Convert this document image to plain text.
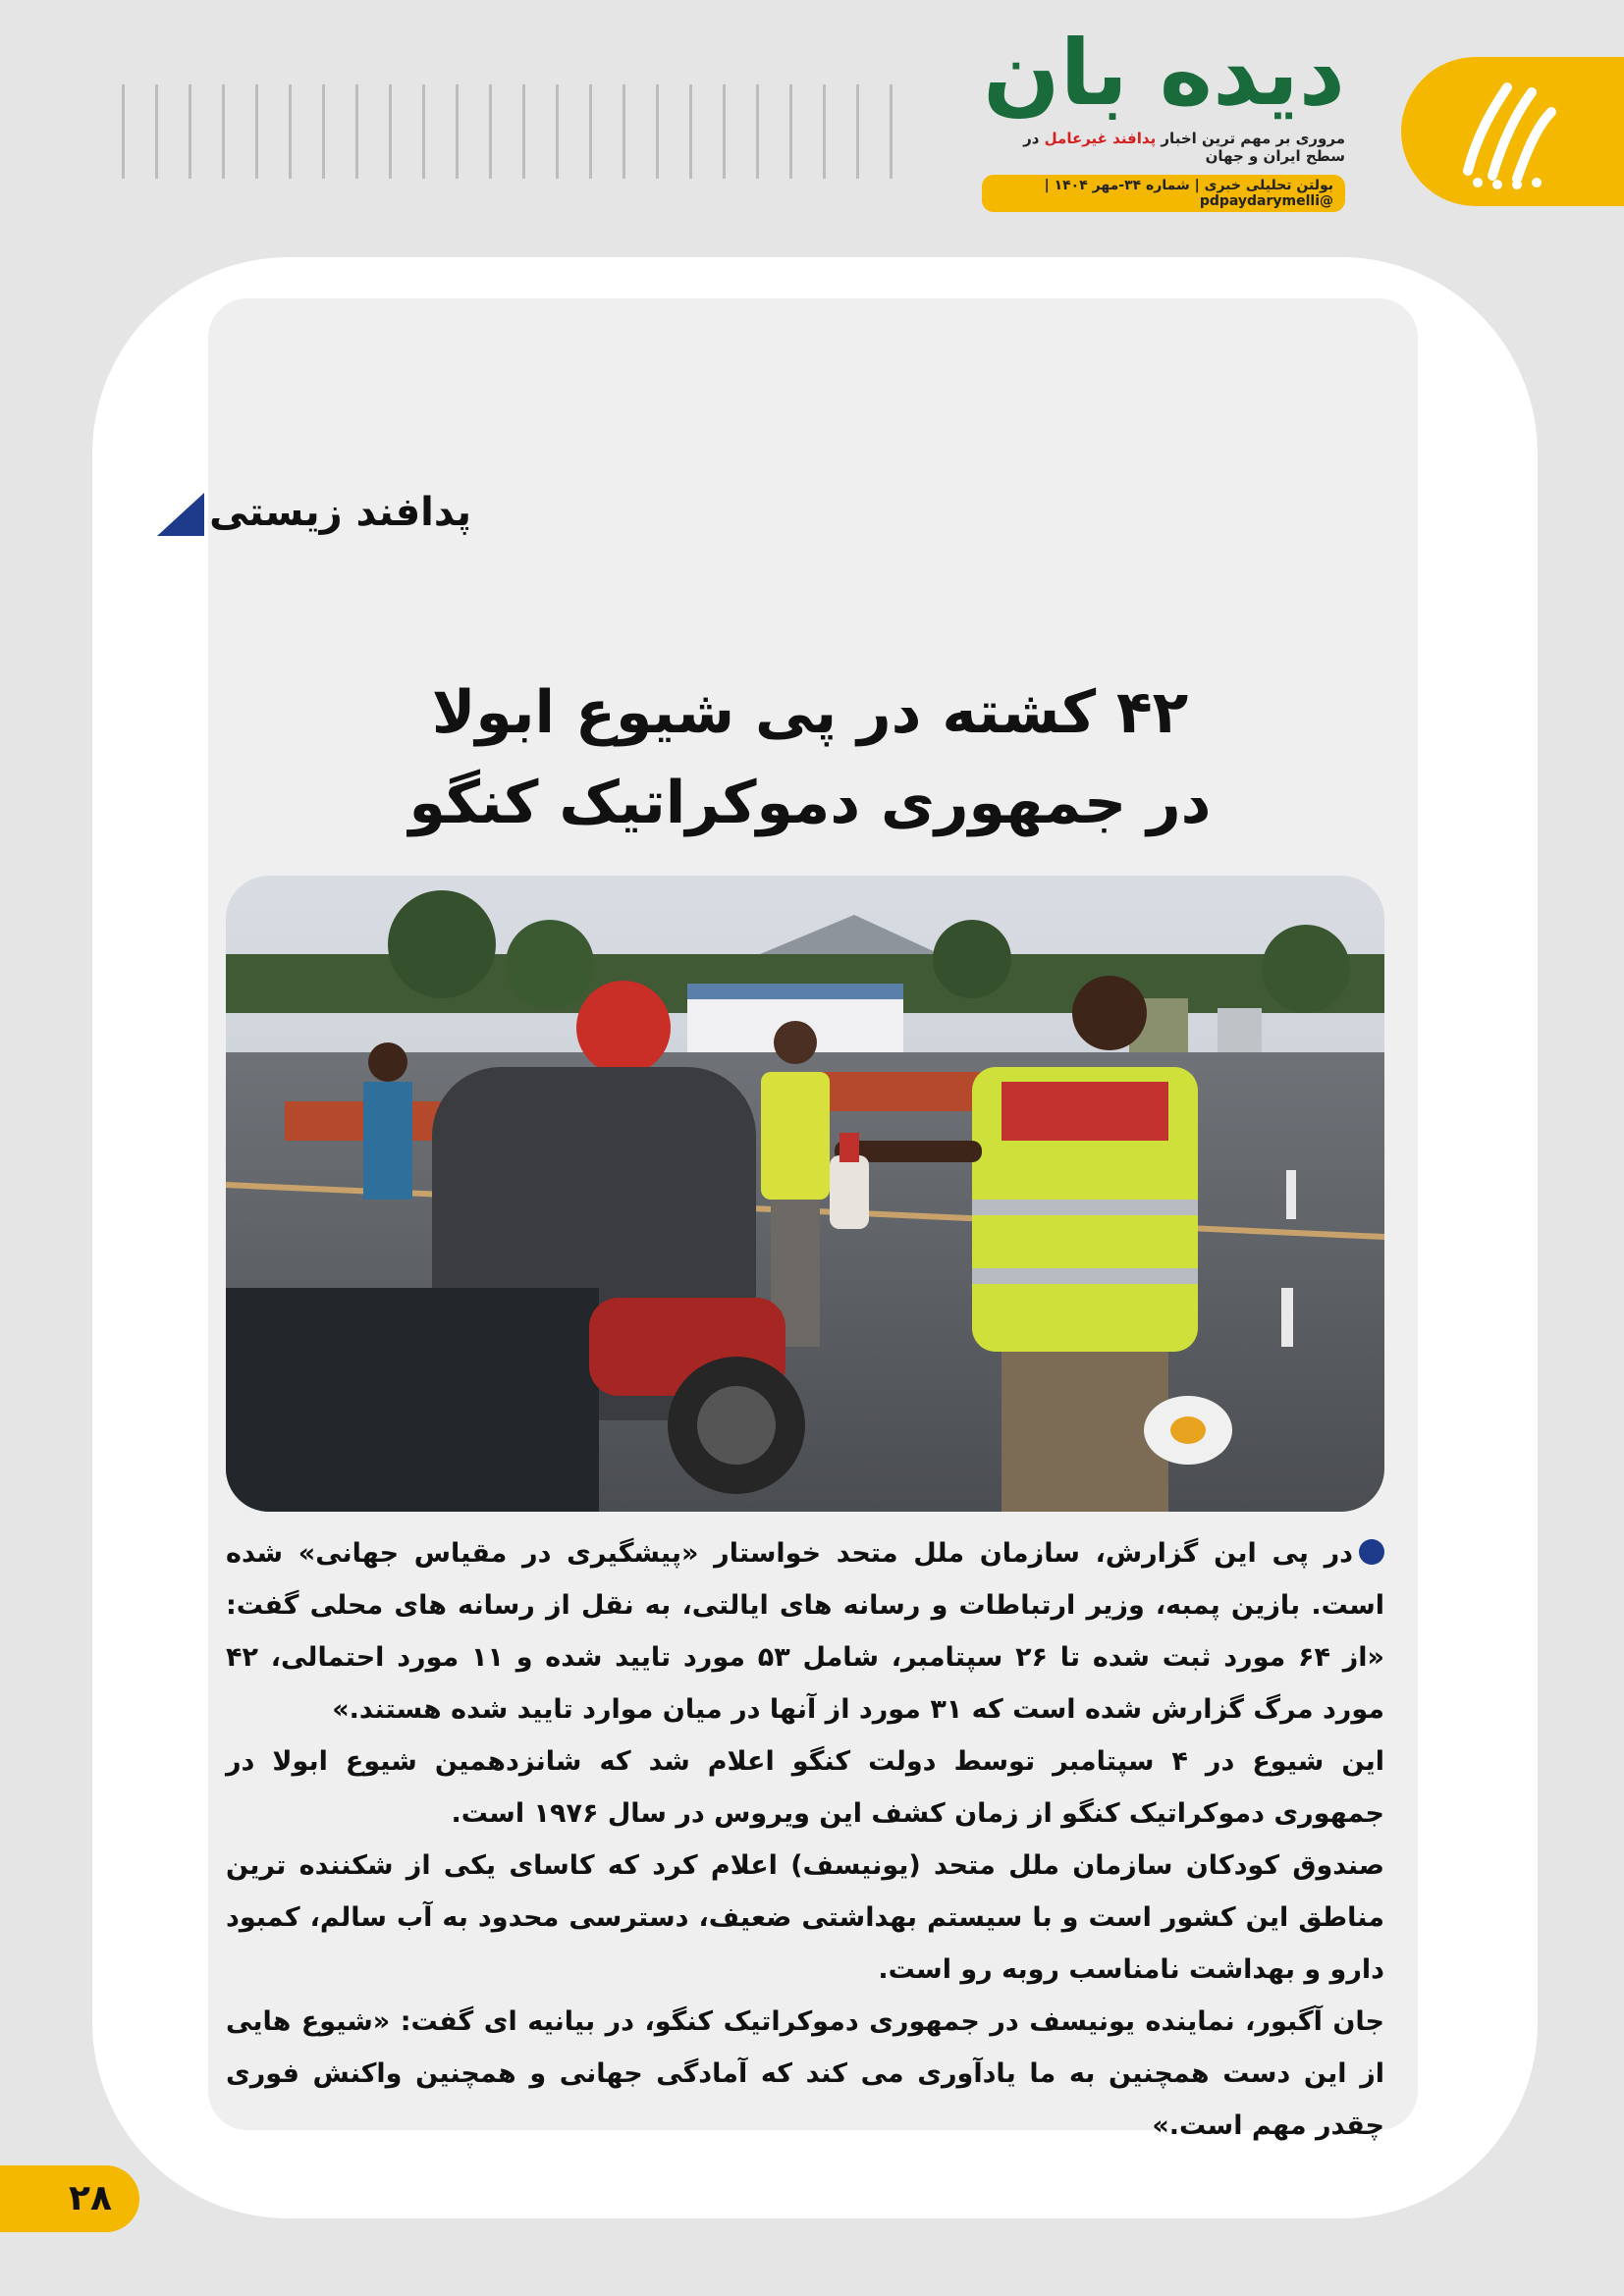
دیده بان
مروری بر مهم ترین اخبار پدافند غیرعامل در سطح ایران و جهان
بولتن تحلیلی خبری | شماره ۳۴-مهر ۱۴۰۴ | @pdpaydarymelli
پدافند زیستی
۴۲ کشته در پی شیوع ابولا
در جمهوری دموکراتیک کنگو

در پی این گزارش، سازمان ملل متحد خواستار «پیشگیری در مقیاس جهانی» شده است. بازین پمبه، وزیر ارتباطات و رسانه های ایالتی، به نقل از رسانه های محلی گفت: «از ۶۴ مورد ثبت شده تا ۲۶ سپتامبر، شامل ۵۳ مورد تایید شده و ۱۱ مورد احتمالی، ۴۲ مورد مرگ گزارش شده است که ۳۱ مورد از آنها در میان موارد تایید شده هستند.»

این شیوع در ۴ سپتامبر توسط دولت کنگو اعلام شد که شانزدهمین شیوع ابولا در جمهوری دموکراتیک کنگو از زمان کشف این ویروس در سال ۱۹۷۶ است.

صندوق کودکان سازمان ملل متحد (یونیسف) اعلام کرد که کاسای یکی از شکننده ترین مناطق این کشور است و با سیستم بهداشتی ضعیف، دسترسی محدود به آب سالم، کمبود دارو و بهداشت نامناسب روبه رو است.

جان آگبور، نماینده یونیسف در جمهوری دموکراتیک کنگو، در بیانیه ای گفت: «شیوع هایی از این دست همچنین به ما یادآوری می کند که آمادگی جهانی و همچنین واکنش فوری چقدر مهم است.»

۲۸
